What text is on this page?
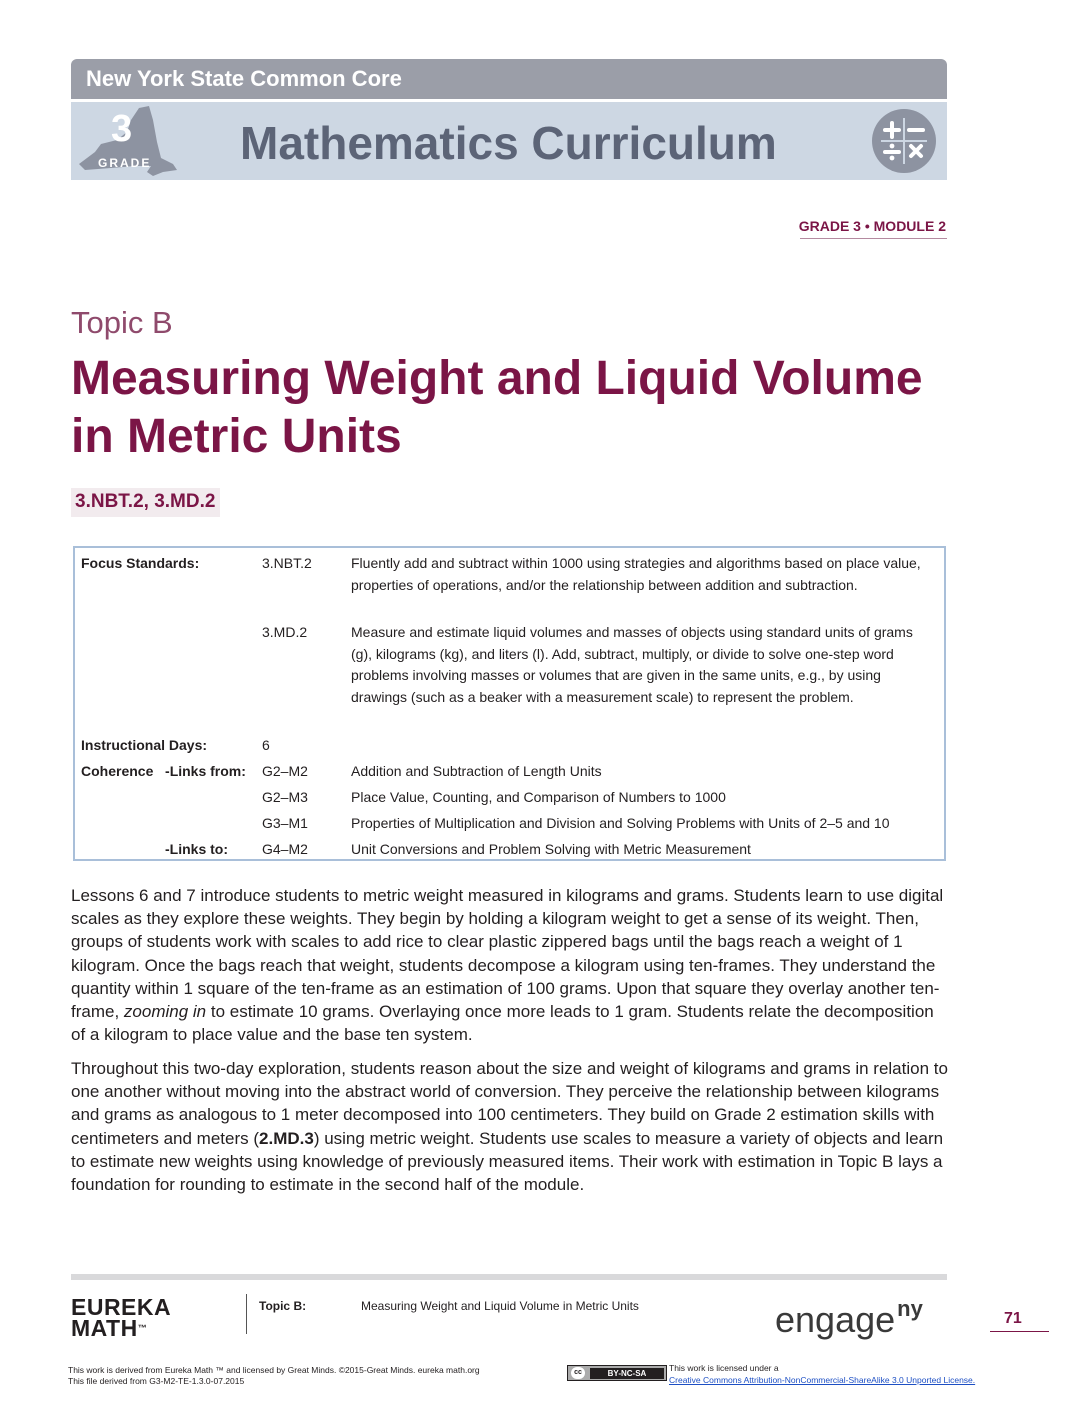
New York State Common Core
3
GRADE Mathematics Curriculum
GRADE 3 • MODULE 2
Topic B
Measuring Weight and Liquid Volume
in Metric Units
3.NBT.2, 3.MD.2
Focus Standards:	3.NBT.2	Fluently add and subtract within 1000 using strategies and algorithms based on place value, properties of operations, and/or the relationship between addition and subtraction.
3.MD.2	Measure and estimate liquid volumes and masses of objects using standard units of grams (g), kilograms (kg), and liters (l). Add, subtract, multiply, or divide to solve one-step word problems involving masses or volumes that are given in the same units, e.g., by using drawings (such as a beaker with a measurement scale) to represent the problem.
Instructional Days:	6
Coherence   -Links from: G2–M2	Addition and Subtraction of Length Units
G2–M3	Place Value, Counting, and Comparison of Numbers to 1000
G3–M1	Properties of Multiplication and Division and Solving Problems with Units of 2–5 and 10
-Links to: G4–M2	Unit Conversions and Problem Solving with Metric Measurement
Lessons 6 and 7 introduce students to metric weight measured in kilograms and grams. Students learn to use digital scales as they explore these weights. They begin by holding a kilogram weight to get a sense of its weight. Then, groups of students work with scales to add rice to clear plastic zippered bags until the bags reach a weight of 1 kilogram. Once the bags reach that weight, students decompose a kilogram using ten-frames. They understand the quantity within 1 square of the ten-frame as an estimation of 100 grams. Upon that square they overlay another ten-frame, zooming in to estimate 10 grams. Overlaying once more leads to 1 gram. Students relate the decomposition of a kilogram to place value and the base ten system.
Throughout this two-day exploration, students reason about the size and weight of kilograms and grams in relation to one another without moving into the abstract world of conversion. They perceive the relationship between kilograms and grams as analogous to 1 meter decomposed into 100 centimeters. They build on Grade 2 estimation skills with centimeters and meters (2.MD.3) using metric weight. Students use scales to measure a variety of objects and learn to estimate new weights using knowledge of previously measured items. Their work with estimation in Topic B lays a foundation for rounding to estimate in the second half of the module.
EUREKA
MATH™
Topic B:	Measuring Weight and Liquid Volume in Metric Units	engage$^{ny}$	71
This work is derived from Eureka Math ™ and licensed by Great Minds. ©2015-Great Minds. eureka math.org
This file derived from G3-M2-TE-1.3.0-07.2015
cc	BY-NC-SA
This work is licensed under a
Creative Commons Attribution-NonCommercial-ShareAlike 3.0 Unported License.
